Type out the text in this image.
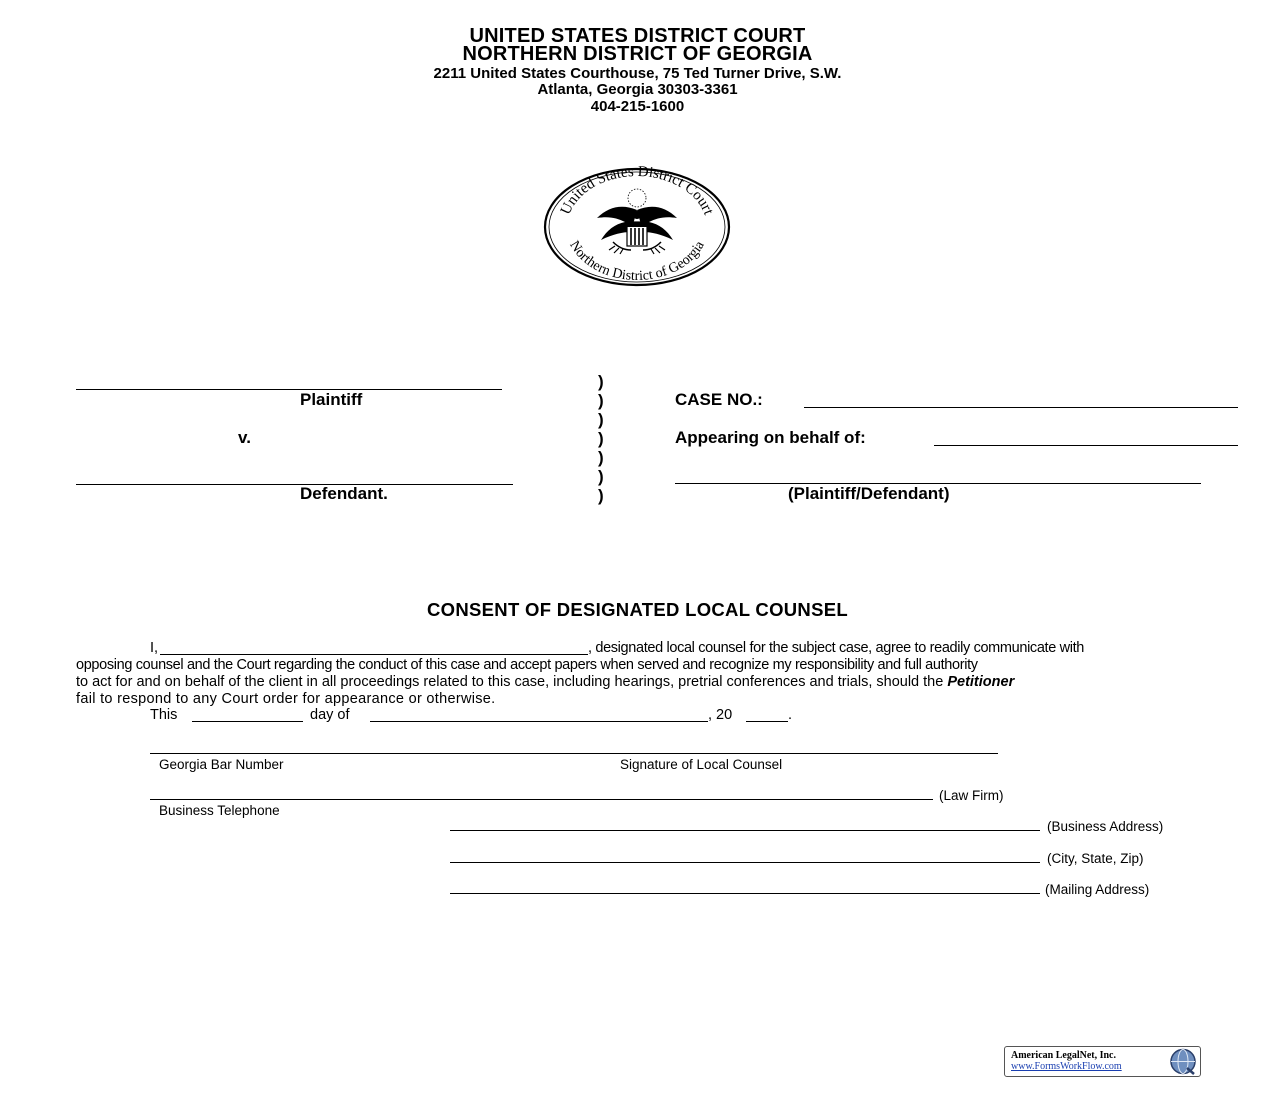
UNITED STATES DISTRICT COURT
NORTHERN DISTRICT OF GEORGIA
2211 United States Courthouse, 75 Ted Turner Drive, S.W.
Atlanta, Georgia 30303-3361
404-215-1600
United States District Court
Northern District of Georgia
Plaintiff
v.
Defendant.
)
)
)
)
)
)
)
CASE NO.:
Appearing on behalf of:
(Plaintiff/Defendant)
CONSENT OF DESIGNATED LOCAL COUNSEL
I,	, designated local counsel for the subject case, agree to readily communicate with
opposing counsel and the Court regarding the conduct of this case and accept papers when served and recognize my responsibility and full authority
to act for and on behalf of the client in all proceedings related to this case, including hearings, pretrial conferences and trials, should the Petitioner
fail to respond to any Court order for appearance or otherwise.
This	day of	, 20	.
Georgia Bar Number	Signature of Local Counsel
(Law Firm)
Business Telephone
(Business Address)
(City, State, Zip)
(Mailing Address)
American LegalNet, Inc.
www.FormsWorkFlow.com
